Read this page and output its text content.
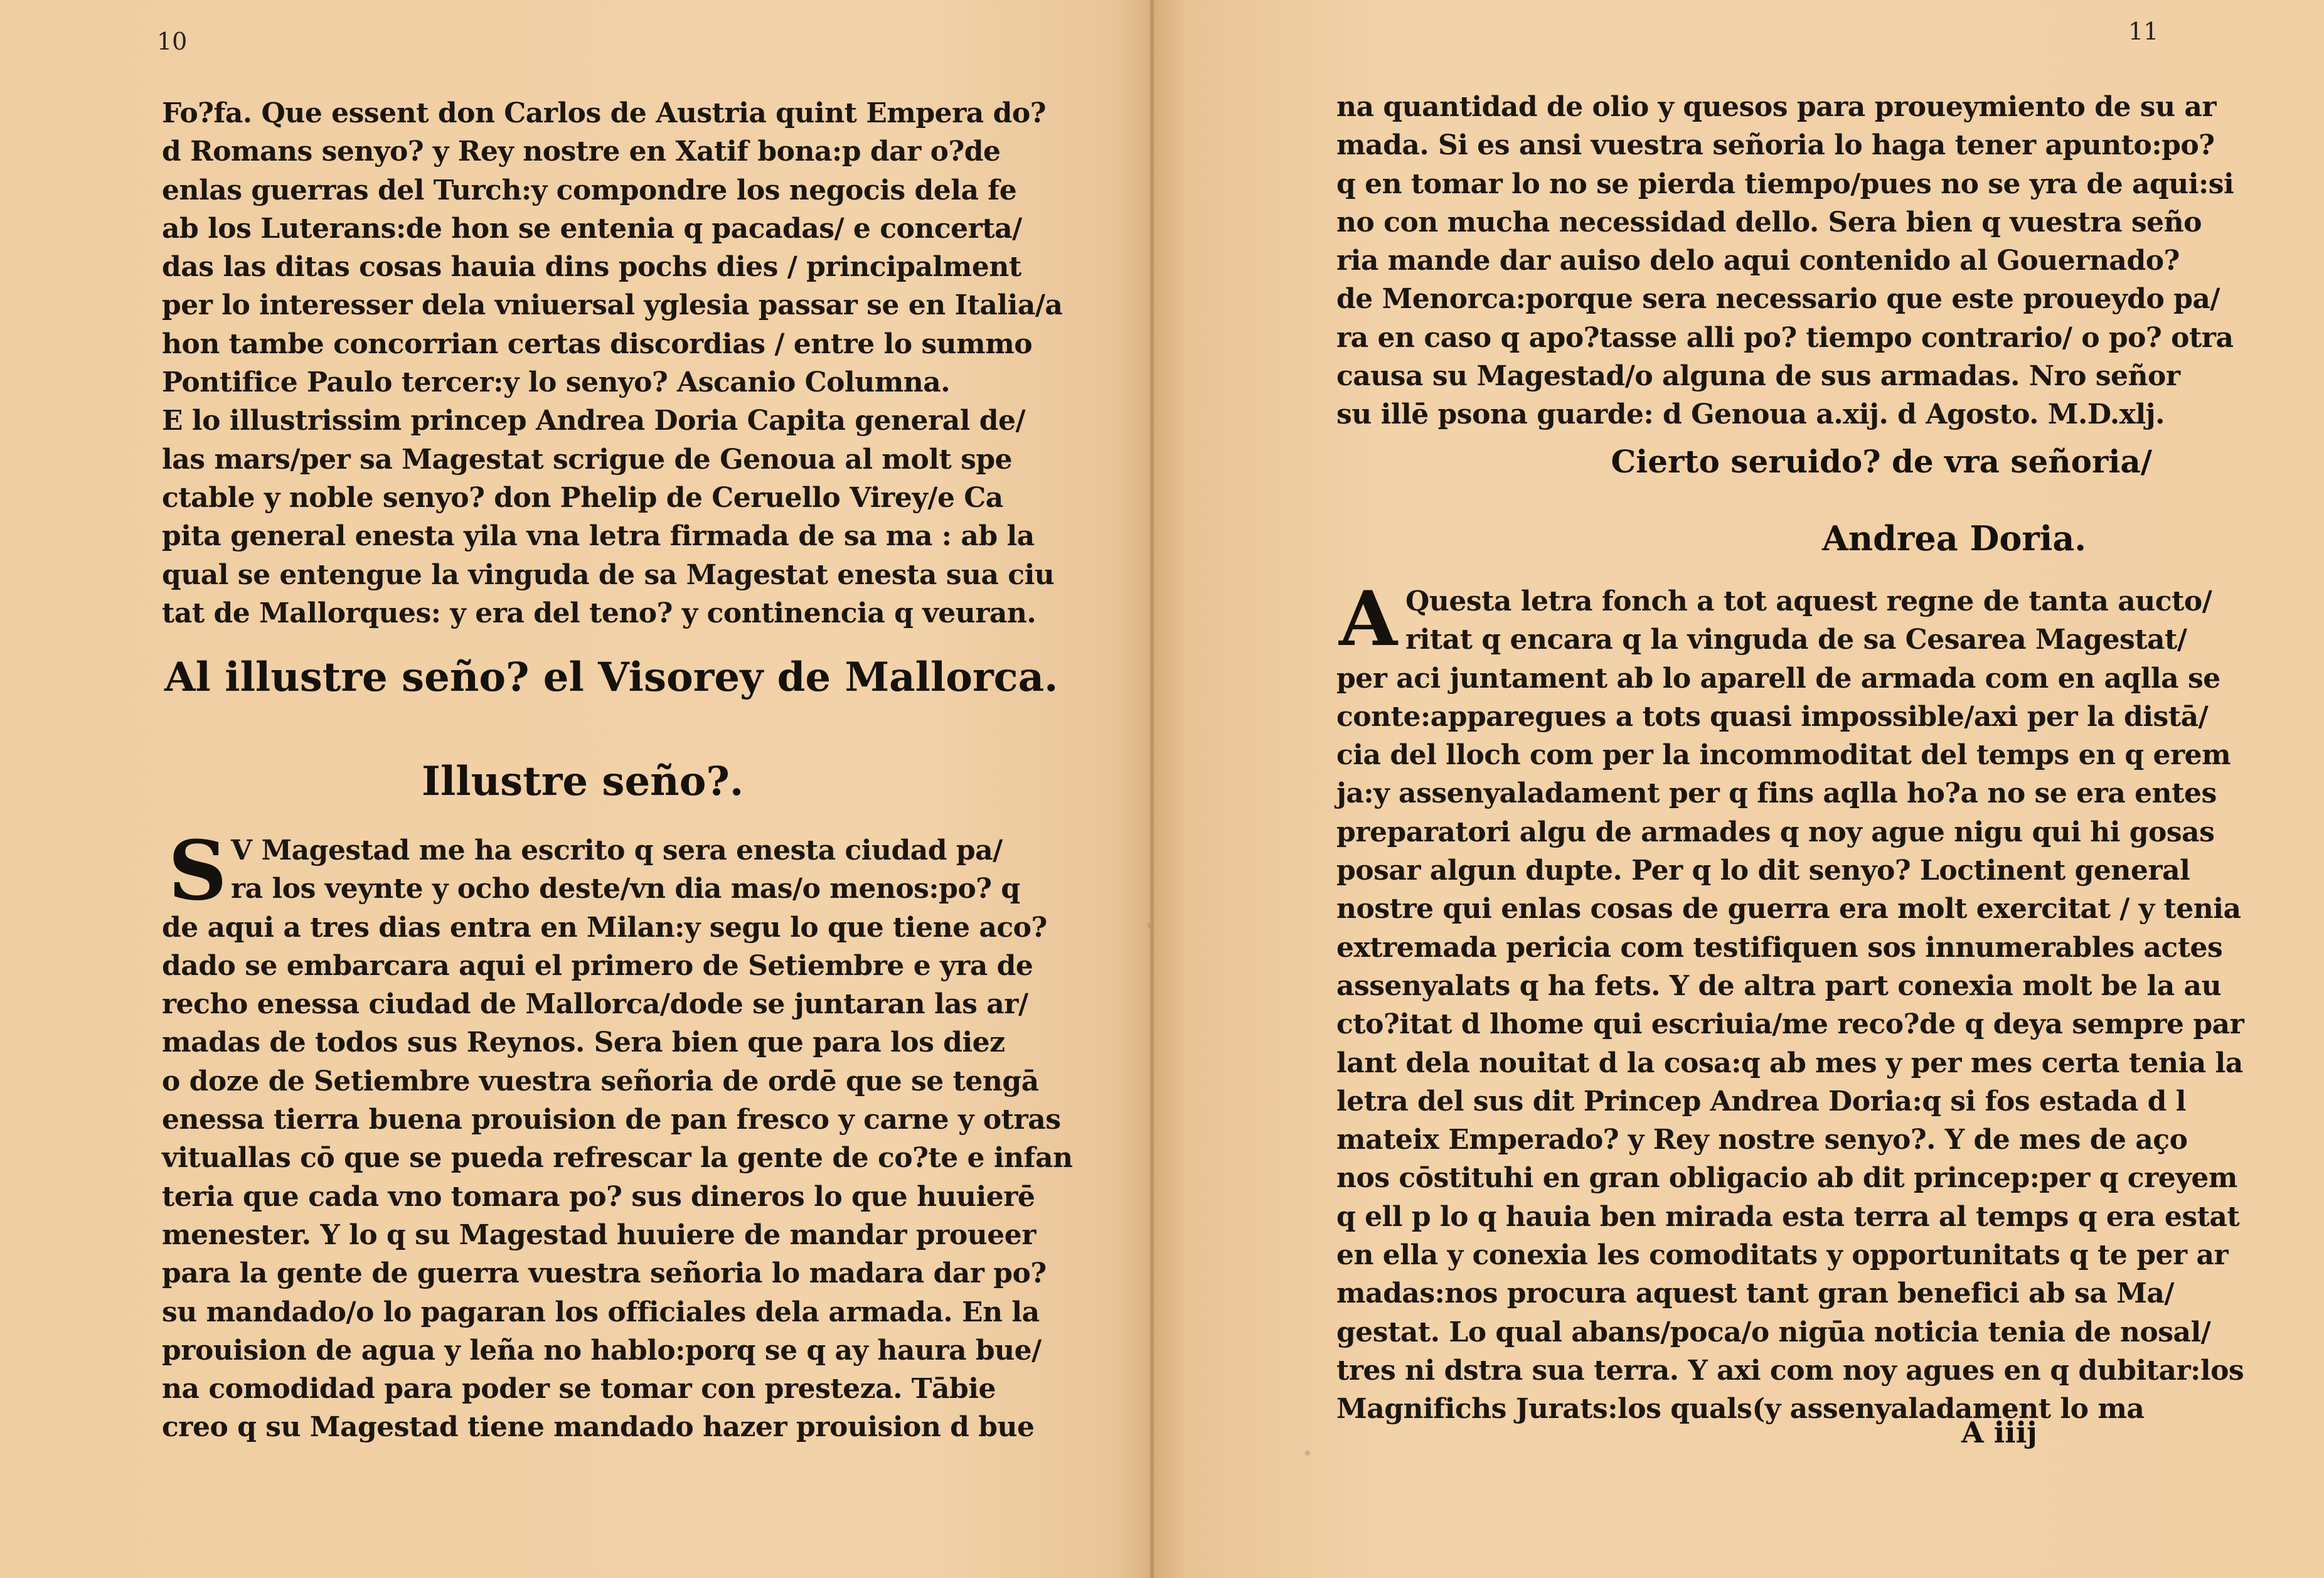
10
Fo?fa. Que essent don Carlos de Austria quint Empera do?
d Romans senyo? y Rey nostre en Xatif bona:p dar o?de
enlas guerras del Turch:y compondre los negocis dela fe
ab los Luterans:de hon se entenia q pacadas/ e concerta/
das las ditas cosas hauia dins pochs dies / principalment
per lo interesser dela vniuersal yglesia passar se en Italia/a
hon tambe concorrian certas discordias / entre lo summo
Pontifice Paulo tercer:y lo senyo? Ascanio Columna.
E lo illustrissim princep Andrea Doria Capita general de/
las mars/per sa Magestat scrigue de Genoua al molt spe
ctable y noble senyo? don Phelip de Ceruello Virey/e Ca
pita general enesta yila vna letra firmada de sa ma : ab la
qual se entengue la vinguda de sa Magestat enesta sua ciu
tat de Mallorques: y era del teno? y continencia q veuran.
Al illustre seño? el Visorey de Mallorca.
Illustre seño?.
S V Magestad me ha escrito q sera enesta ciudad pa/
ra los veynte y ocho deste/vn dia mas/o menos:po? q
de aqui a tres dias entra en Milan:y segu lo que tiene aco?
dado se embarcara aqui el primero de Setiembre e yra de
recho enessa ciudad de Mallorca/dode se juntaran las ar/
madas de todos sus Reynos. Sera bien que para los diez
o doze de Setiembre vuestra señoria de ordē que se tengā
enessa tierra buena prouision de pan fresco y carne y otras
vituallas cō que se pueda refrescar la gente de co?te e infan
teria que cada vno tomara po? sus dineros lo que huuierē
menester. Y lo q su Magestad huuiere de mandar proueer
para la gente de guerra vuestra señoria lo madara dar po?
su mandado/o lo pagaran los officiales dela armada. En la
prouision de agua y leña no hablo:porq se q ay haura bue/
na comodidad para poder se tomar con presteza. Tābie
creo q su Magestad tiene mandado hazer prouision d bue
11
na quantidad de olio y quesos para proueymiento de su ar
mada. Si es ansi vuestra señoria lo haga tener apunto:po?
q en tomar lo no se pierda tiempo/pues no se yra de aqui:si
no con mucha necessidad dello. Sera bien q vuestra seño
ria mande dar auiso delo aqui contenido al Gouernado?
de Menorca:porque sera necessario que este proueydo pa/
ra en caso q apo?tasse alli po? tiempo contrario/ o po? otra
causa su Magestad/o alguna de sus armadas. Nro señor
su illē psona guarde: d Genoua a.xij. d Agosto. M.D.xlj.
Cierto seruido? de vra señoria/
Andrea Doria.
A Questa letra fonch a tot aquest regne de tanta aucto/
ritat q encara q la vinguda de sa Cesarea Magestat/
per aci juntament ab lo aparell de armada com en aqlla se
conte:apparegues a tots quasi impossible/axi per la distā/
cia del lloch com per la incommoditat del temps en q erem
ja:y assenyaladament per q fins aqlla ho?a no se era entes
preparatori algu de armades q noy ague nigu qui hi gosas
posar algun dupte. Per q lo dit senyo? Loctinent general
nostre qui enlas cosas de guerra era molt exercitat / y tenia
extremada pericia com testifiquen sos innumerables actes
assenyalats q ha fets. Y de altra part conexia molt be la au
cto?itat d lhome qui escriuia/me reco?de q deya sempre par
lant dela nouitat d la cosa:q ab mes y per mes certa tenia la
letra del sus dit Princep Andrea Doria:q si fos estada d l
mateix Emperado? y Rey nostre senyo?. Y de mes de aço
nos cōstituhi en gran obligacio ab dit princep:per q creyem
q ell p lo q hauia ben mirada esta terra al temps q era estat
en ella y conexia les comoditats y opportunitats q te per ar
madas:nos procura aquest tant gran benefici ab sa Ma/
gestat. Lo qual abans/poca/o nigūa noticia tenia de nosal/
tres ni dstra sua terra. Y axi com noy agues en q dubitar:los
Magnifichs Jurats:los quals(y assenyaladament lo ma
A iiij
